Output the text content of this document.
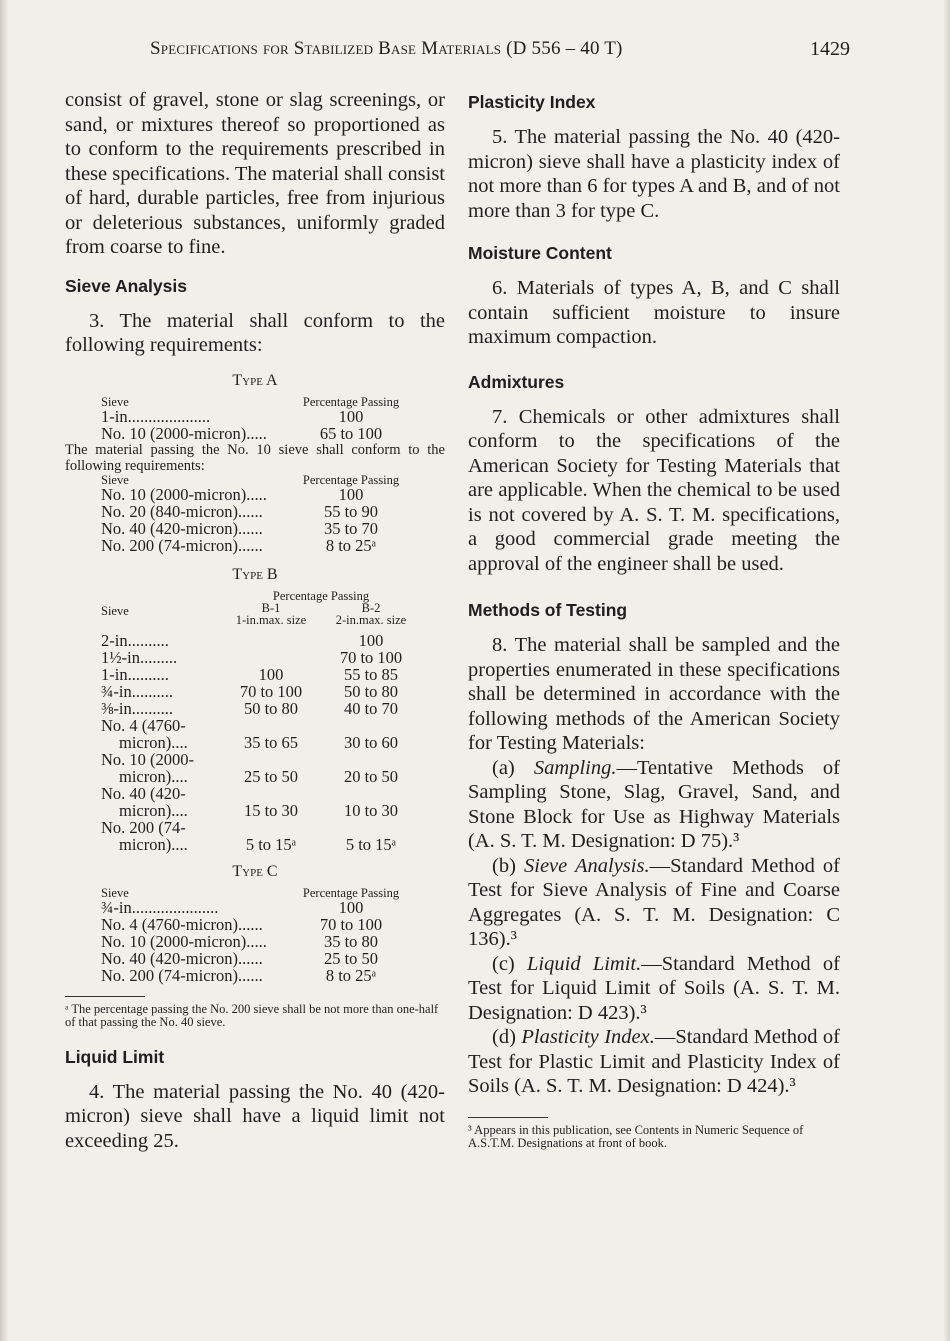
Specifications for Stabilized Base Materials (D 556 – 40 T)	1429

consist of gravel, stone or slag screenings, or sand, or mixtures thereof so proportioned as to conform to the requirements prescribed in these specifications. The material shall consist of hard, durable particles, free from injurious or deleterious substances, uniformly graded from coarse to fine.

Sieve Analysis

3. The material shall conform to the following requirements:

Type A
Sieve	Percentage Passing
1-in....................	100
No. 10 (2000-micron).....	65 to 100

The material passing the No. 10 sieve shall conform to the following requirements:

Sieve	Percentage Passing
No. 10 (2000-micron).....	100
No. 20 (840-micron)......	55 to 90
No. 40 (420-micron)......	35 to 70
No. 200 (74-micron)......	8 to 25ᵃ
Type B
Sieve	Percentage Passing	
	B-1	B-2
	1-in.max. size	2-in.max. size
2-in..........		100
1½-in.........		70 to 100
1-in..........	100	55 to 85
¾-in..........	70 to 100	50 to 80
⅜-in..........	50 to 80	40 to 70

No. 4 (4760-
micron)....	35 to 65	30 to 60

No. 10 (2000-
micron)....	25 to 50	20 to 50

No. 40 (420-
micron)....	15 to 30	10 to 30

No. 200 (74-
micron)....	5 to 15ᵃ	5 to 15ᵃ
Type C
Sieve	Percentage Passing
¾-in.....................	100
No. 4 (4760-micron)......	70 to 100
No. 10 (2000-micron).....	35 to 80
No. 40 (420-micron)......	25 to 50
No. 200 (74-micron)......	8 to 25ᵃ

ᵃ The percentage passing the No. 200 sieve shall be not more than one-half of that passing the No. 40 sieve.

Liquid Limit

4. The material passing the No. 40 (420-micron) sieve shall have a liquid limit not exceeding 25.

Plasticity Index

5. The material passing the No. 40 (420-micron) sieve shall have a plasticity index of not more than 6 for types A and B, and of not more than 3 for type C.

Moisture Content

6. Materials of types A, B, and C shall contain sufficient moisture to insure maximum compaction.

Admixtures

7. Chemicals or other admixtures shall conform to the specifications of the American Society for Testing Materials that are applicable. When the chemical to be used is not covered by A. S. T. M. specifications, a good commercial grade meeting the approval of the engineer shall be used.

Methods of Testing

8. The material shall be sampled and the properties enumerated in these specifications shall be determined in accordance with the following methods of the American Society for Testing Materials:

(a) Sampling.—Tentative Methods of Sampling Stone, Slag, Gravel, Sand, and Stone Block for Use as Highway Materials (A. S. T. M. Designation: D 75).³

(b) Sieve Analysis.—Standard Method of Test for Sieve Analysis of Fine and Coarse Aggregates (A. S. T. M. Designation: C 136).³

(c) Liquid Limit.—Standard Method of Test for Liquid Limit of Soils (A. S. T. M. Designation: D 423).³

(d) Plasticity Index.—Standard Method of Test for Plastic Limit and Plasticity Index of Soils (A. S. T. M. Designation: D 424).³

³ Appears in this publication, see Contents in Numeric Sequence of A.S.T.M. Designations at front of book.
